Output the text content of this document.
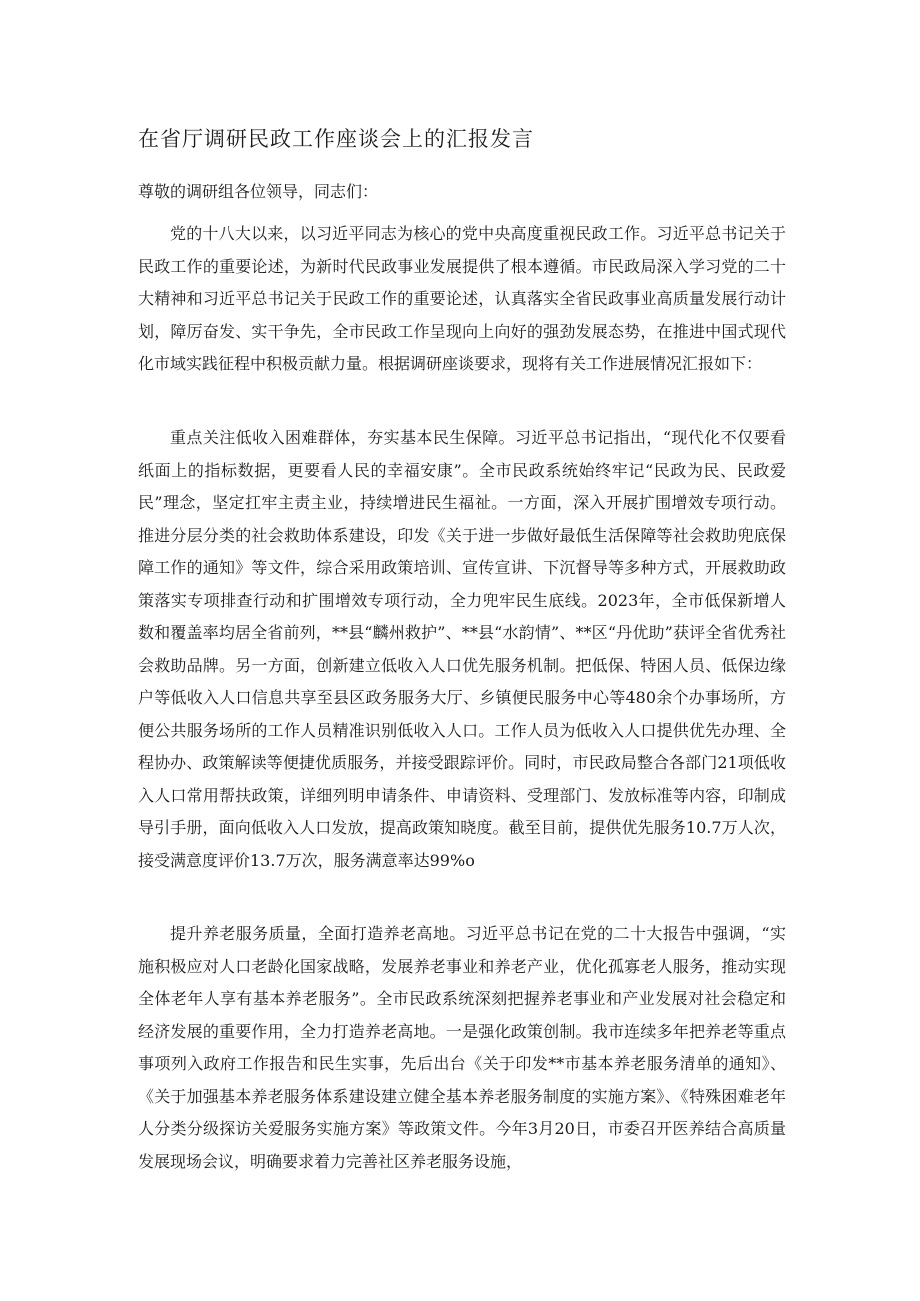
在省厅调研民政工作座谈会上的汇报发言
尊敬的调研组各位领导，同志们：

党的十八大以来，以习近平同志为核心的党中央高度重视民政工作。习近平总书记关于民政工作的重要论述，为新时代民政事业发展提供了根本遵循。市民政局深入学习党的二十大精神和习近平总书记关于民政工作的重要论述，认真落实全省民政事业高质量发展行动计划，障厉奋发、实干争先，全市民政工作呈现向上向好的强劲发展态势，在推进中国式现代化市域实践征程中积极贡献力量。根据调研座谈要求，现将有关工作进展情况汇报如下：

重点关注低收入困难群体，夯实基本民生保障。习近平总书记指出，“现代化不仅要看纸面上的指标数据，更要看人民的幸福安康”。全市民政系统始终牢记“民政为民、民政爱民”理念，坚定扛牢主责主业，持续增进民生福祉。一方面，深入开展扩围增效专项行动。推进分层分类的社会救助体系建设，印发《关于进一步做好最低生活保障等社会救助兜底保障工作的通知》等文件，综合采用政策培训、宣传宣讲、下沉督导等多种方式，开展救助政策落实专项排查行动和扩围增效专项行动，全力兜牢民生底线。2023年，全市低保新增人数和覆盖率均居全省前列，**县“麟州救护”、**县“水韵情”、**区“丹优助”获评全省优秀社会救助品牌。另一方面，创新建立低收入人口优先服务机制。把低保、特困人员、低保边缘户等低收入人口信息共享至县区政务服务大厅、乡镇便民服务中心等480余个办事场所，方便公共服务场所的工作人员精准识别低收入人口。工作人员为低收入人口提供优先办理、全程协办、政策解读等便捷优质服务，并接受跟踪评价。同时，市民政局整合各部门21项低收入人口常用帮扶政策，详细列明申请条件、申请资料、受理部门、发放标准等内容，印制成导引手册，面向低收入人口发放，提高政策知晓度。截至目前，提供优先服务10.7万人次，接受满意度评价13.7万次，服务满意率达99%o

提升养老服务质量，全面打造养老高地。习近平总书记在党的二十大报告中强调，“实施积极应对人口老龄化国家战略，发展养老事业和养老产业，优化孤寡老人服务，推动实现全体老年人享有基本养老服务”。全市民政系统深刻把握养老事业和产业发展对社会稳定和经济发展的重要作用，全力打造养老高地。一是强化政策创制。我市连续多年把养老等重点事项列入政府工作报告和民生实事，先后出台《关于印发**市基本养老服务清单的通知》、《关于加强基本养老服务体系建设建立健全基本养老服务制度的实施方案》、《特殊困难老年人分类分级探访关爱服务实施方案》等政策文件。今年3月20日，市委召开医养结合高质量发展现场会议，明确要求着力完善社区养老服务设施，
